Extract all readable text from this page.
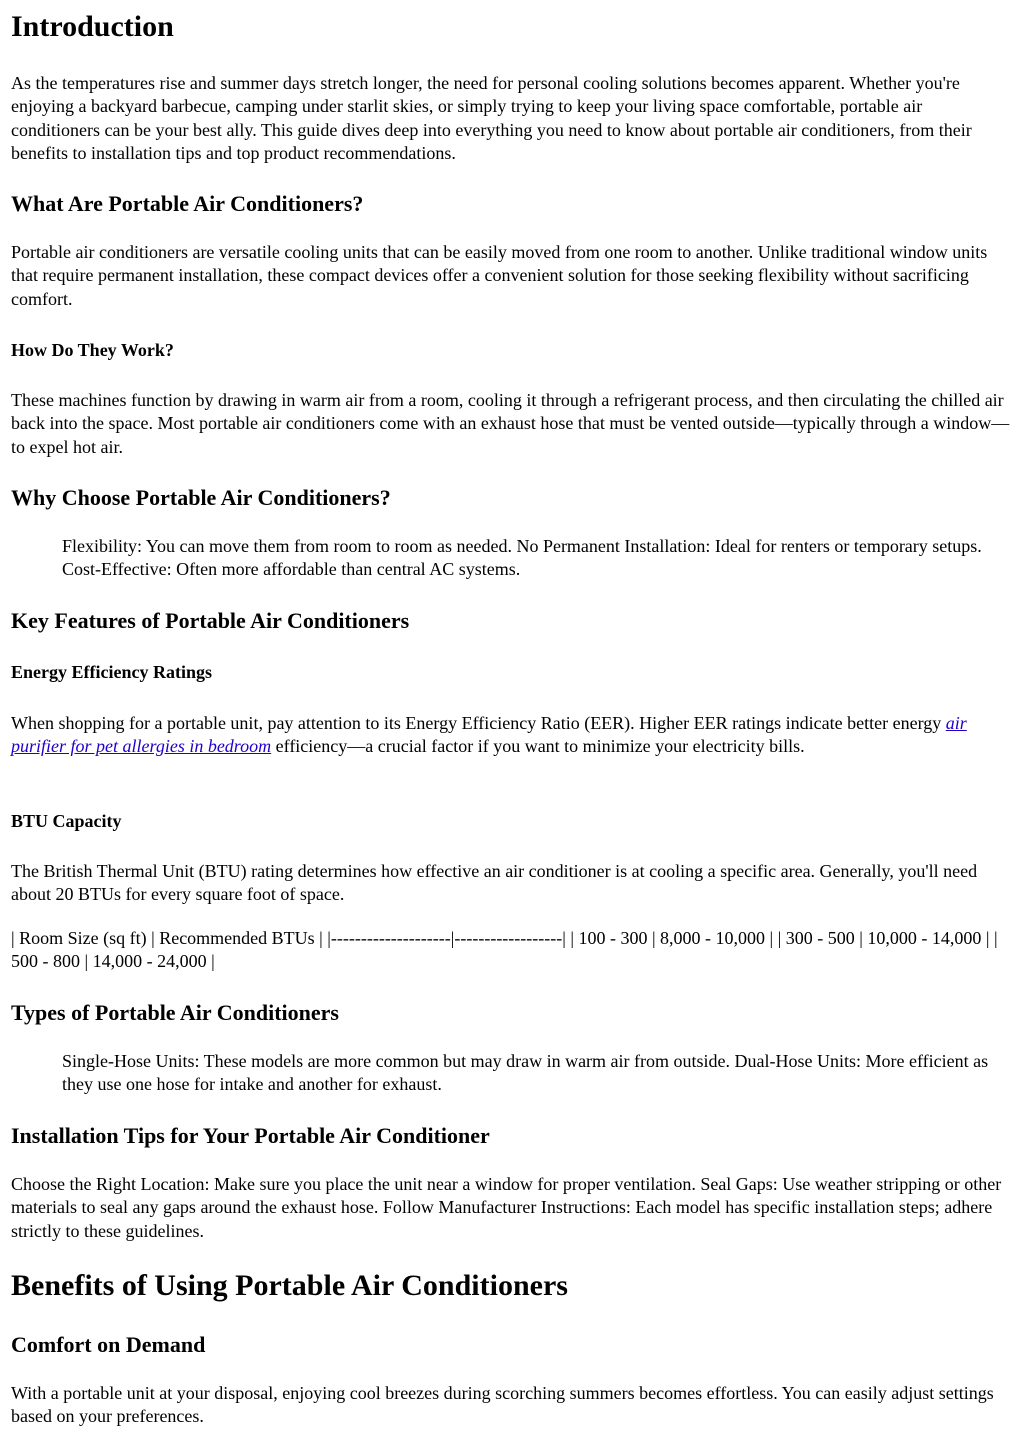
Introduction

As the temperatures rise and summer days stretch longer, the need for personal cooling solutions becomes apparent. Whether you're enjoying a backyard barbecue, camping under starlit skies, or simply trying to keep your living space comfortable, portable air conditioners can be your best ally. This guide dives deep into everything you need to know about portable air conditioners, from their benefits to installation tips and top product recommendations.

What Are Portable Air Conditioners?

Portable air conditioners are versatile cooling units that can be easily moved from one room to another. Unlike traditional window units that require permanent installation, these compact devices offer a convenient solution for those seeking flexibility without sacrificing comfort.

How Do They Work?

These machines function by drawing in warm air from a room, cooling it through a refrigerant process, and then circulating the chilled air back into the space. Most portable air conditioners come with an exhaust hose that must be vented outside—typically through a window—to expel hot air.

Why Choose Portable Air Conditioners?

Flexibility: You can move them from room to room as needed. No Permanent Installation: Ideal for renters or temporary setups. Cost-Effective: Often more affordable than central AC systems.

Key Features of Portable Air Conditioners
Energy Efficiency Ratings

When shopping for a portable unit, pay attention to its Energy Efficiency Ratio (EER). Higher EER ratings indicate better energy air purifier for pet allergies in bedroom efficiency—a crucial factor if you want to minimize your electricity bills.

BTU Capacity

The British Thermal Unit (BTU) rating determines how effective an air conditioner is at cooling a specific area. Generally, you'll need about 20 BTUs for every square foot of space.

| Room Size (sq ft) | Recommended BTUs | |--------------------|------------------| | 100 - 300 | 8,000 - 10,000 | | 300 - 500 | 10,000 - 14,000 | | 500 - 800 | 14,000 - 24,000 |

Types of Portable Air Conditioners

Single-Hose Units: These models are more common but may draw in warm air from outside. Dual-Hose Units: More efficient as they use one hose for intake and another for exhaust.

Installation Tips for Your Portable Air Conditioner

Choose the Right Location: Make sure you place the unit near a window for proper ventilation. Seal Gaps: Use weather stripping or other materials to seal any gaps around the exhaust hose. Follow Manufacturer Instructions: Each model has specific installation steps; adhere strictly to these guidelines.

Benefits of Using Portable Air Conditioners
Comfort on Demand

With a portable unit at your disposal, enjoying cool breezes during scorching summers becomes effortless. You can easily adjust settings based on your preferences.
